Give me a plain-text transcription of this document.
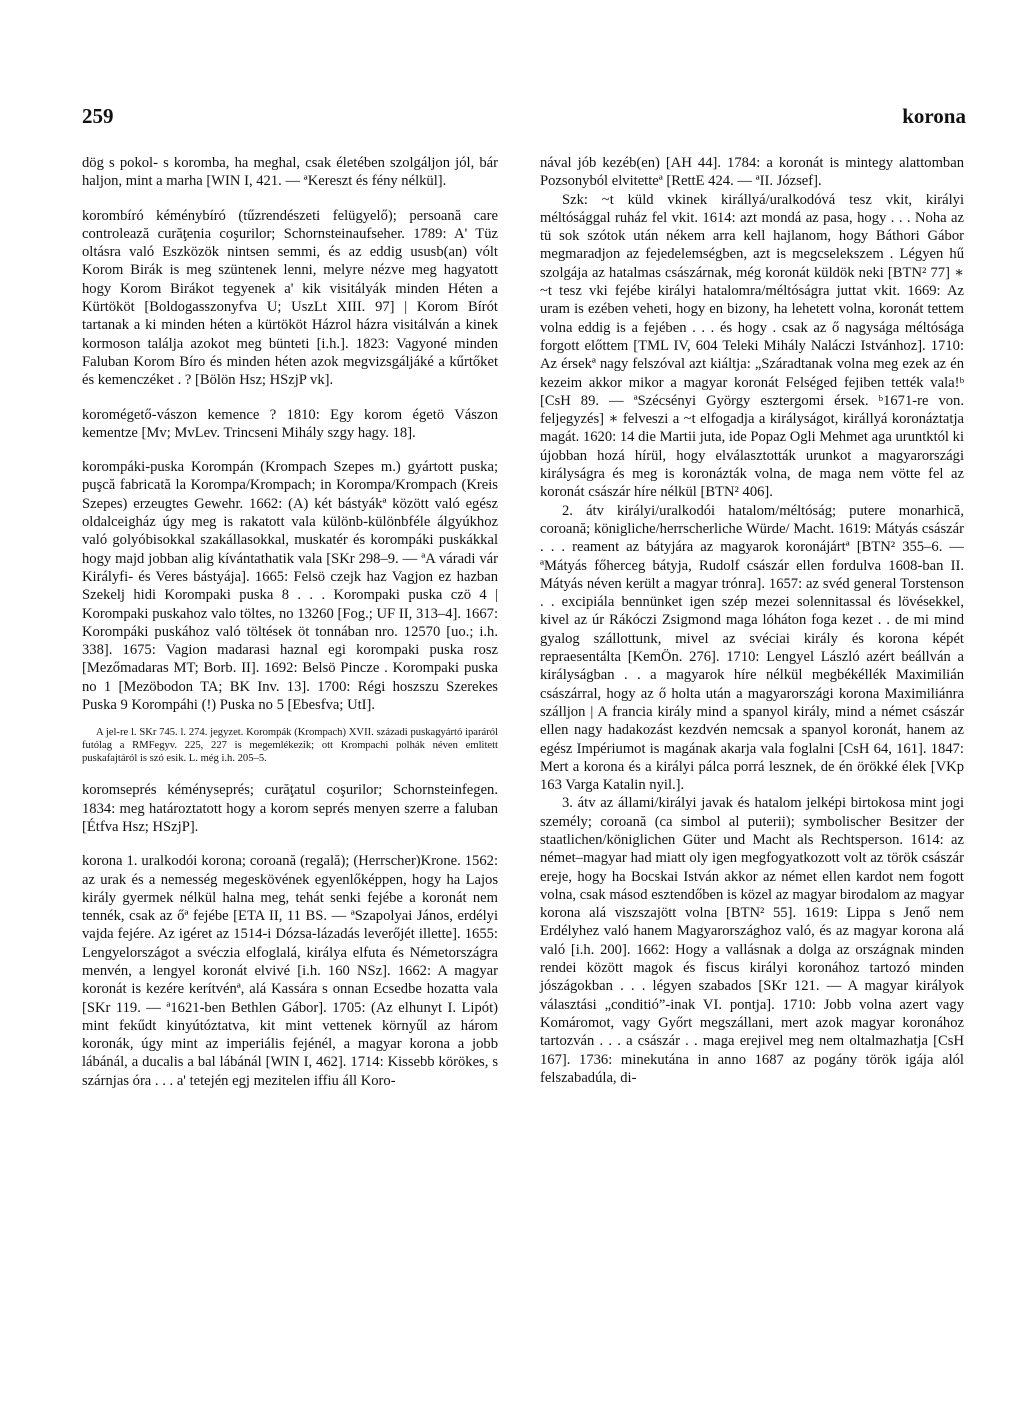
259	korona

dög s pokol- s koromba, ha meghal, csak életében szolgáljon jól, bár haljon, mint a marha [WIN I, 421. — ªKereszt és fény nélkül].

korombíró kéménybíró (tűzrendészeti felügyelő); persoană care controlează curăţenia coşurilor; Schornsteinaufseher. 1789: A' Tüz oltásra való Eszközök nintsen semmi, és az eddig ususb(an) vólt Korom Birák is meg szüntenek lenni, melyre nézve meg hagyatott hogy Korom Birákot tegyenek a' kik visitályák minden Héten a Kürtököt [Boldogasszonyfva U; UszLt XIII. 97] | Korom Bírót tartanak a ki minden héten a kürtököt Házrol házra visitálván a kinek kormoson találja azokot meg bünteti [i.h.]. 1823: Vagyoné minden Faluban Korom Bíro és minden héten azok megvizsgáljáké a kűrtőket és kemenczéket . ? [Bölön Hsz; HSzjP vk].

koromégető-vászon kemence ? 1810: Egy korom égetö Vászon kementze [Mv; MvLev. Trincseni Mihály szgy hagy. 18].

korompáki-puska Korompán (Krompach Szepes m.) gyártott puska; puşcă fabricată la Korompa/Krompach; in Korompa/Krompach (Kreis Szepes) erzeugtes Gewehr. 1662: (A) két bástyákª között való egész oldalceigház úgy meg is rakatott vala különb-különbféle álgyúkhoz való golyóbisokkal szakállasokkal, muskatér és korompáki puskákkal hogy majd jobban alig kívántathatik vala [SKr 298–9. — ªA váradi vár Királyfi- és Veres bástyája]. 1665: Felsö czejk haz Vagjon ez hazban Szekelj hidi Korompaki puska 8 . . . Korompaki puska czö 4 | Korompaki puskahoz valo töltes, no 13260 [Fog.; UF II, 313–4]. 1667: Korompáki puskához való töltések öt tonnában nro. 12570 [uo.; i.h. 338]. 1675: Vagion madarasi haznal egi korompaki puska rosz [Mezőmadaras MT; Borb. II]. 1692: Belsö Pincze . Korompaki puska no 1 [Mezöbodon TA; BK Inv. 13]. 1700: Régi hoszszu Szerekes Puska 9 Korompáhi (!) Puska no 5 [Ebesfva; UtI].

A jel-re l. SKr 745. l. 274. jegyzet. Korompák (Krompach) XVII. századi puskagyártó iparáról futólag a RMFegyv. 225, 227 is megemlékezik; ott Krompachi polhák néven emlitett puskafajtáról is szó esik. L. még i.h. 205–5.

koromseprés kéményseprés; curăţatul coşurilor; Schornsteinfegen. 1834: meg határoztatott hogy a korom seprés menyen szerre a faluban [Étfva Hsz; HSzjP].

korona 1. uralkodói korona; coroană (regală); (Herrscher)Krone. 1562: az urak és a nemesség megeskövének egyenlőképpen, hogy ha Lajos király gyermek nélkül halna meg, tehát senki fejébe a koronát nem tennék, csak az őª fejébe [ETA II, 11 BS. — ªSzapolyai János, erdélyi vajda fejére. Az igéret az 1514-i Dózsa-lázadás leverőjét illette]. 1655: Lengyelországot a svéczia elfoglalá, királya elfuta és Németországra menvén, a lengyel koronát elvivé [i.h. 160 NSz]. 1662: A magyar koronát is kezére kerítvénª, alá Kassára s onnan Ecsedbe hozatta vala [SKr 119. — ª1621-ben Bethlen Gábor]. 1705: (Az elhunyt I. Lipót) mint fekűdt kinyútóztatva, kit mint vettenek környűl az három koronák, úgy mint az imperiális fejénél, a magyar korona a jobb lábánál, a ducalis a bal lábánál [WIN I, 462]. 1714: Kissebb körökes, s szárnjas óra . . . a' tetején egj mezitelen iffiu áll Koro-

nával jób kezéb(en) [AH 44]. 1784: a koronát is mintegy alattomban Pozsonyból elvitetteª [RettE 424. — ªII. József].

Szk: ~t küld vkinek királlyá/uralkodóvá tesz vkit, királyi méltósággal ruház fel vkit. 1614: azt mondá az pasa, hogy . . . Noha az tü sok szótok után nékem arra kell hajlanom, hogy Báthori Gábor megmaradjon az fejedelemségben, azt is megcselekszem . Légyen hű szolgája az hatalmas császárnak, még koronát küldök neki [BTN² 77] ∗ ~t tesz vki fejébe királyi hatalomra/méltóságra juttat vkit. 1669: Az uram is ezében veheti, hogy en bizony, ha lehetett volna, koronát tettem volna eddig is a fejében . . . és hogy . csak az ő nagysága méltósága forgott előttem [TML IV, 604 Teleki Mihály Naláczi Istvánhoz]. 1710: Az érsekª nagy felszóval azt kiáltja: „Száradtanak volna meg ezek az én kezeim akkor mikor a magyar koronát Felséged fejiben tették vala!ᵇ [CsH 89. — ªSzécsényi György esztergomi érsek. ᵇ1671-re von. feljegyzés] ∗ felveszi a ~t elfogadja a királyságot, királlyá koronáztatja magát. 1620: 14 die Martii juta, ide Popaz Ogli Mehmet aga uruntktól ki újobban hozá hírül, hogy elválasztották urunkot a magyarországi királyságra és meg is koronázták volna, de maga nem vötte fel az koronát császár híre nélkül [BTN² 406].

2. átv királyi/uralkodói hatalom/méltóság; putere monarhică, coroană; königliche/herrscherliche Würde/ Macht. 1619: Mátyás császár . . . reament az bátyjára az magyarok koronájártª [BTN² 355–6. — ªMátyás főherceg bátyja, Rudolf császár ellen fordulva 1608-ban II. Mátyás néven került a magyar trónra]. 1657: az svéd general Torstenson . . excipiála bennünket igen szép mezei solennitassal és lövésekkel, kivel az úr Rákóczi Zsigmond maga lóháton foga kezet . . de mi mind gyalog szállottunk, mivel az svéciai király és korona képét repraesentálta [KemÖn. 276]. 1710: Lengyel László azért beállván a királyságban . . a magyarok híre nélkül megbékéllék Maximilián császárral, hogy az ő holta után a magyarországi korona Maximiliánra szálljon | A francia király mind a spanyol király, mind a német császár ellen nagy hadakozást kezdvén nemcsak a spanyol koronát, hanem az egész Impériumot is magának akarja vala foglalni [CsH 64, 161]. 1847: Mert a korona és a királyi pálca porrá lesznek, de én örökké élek [VKp 163 Varga Katalin nyil.].

3. átv az állami/királyi javak és hatalom jelképi birtokosa mint jogi személy; coroană (ca simbol al puterii); symbolischer Besitzer der staatlichen/königlichen Güter und Macht als Rechtsperson. 1614: az német–magyar had miatt oly igen megfogyatkozott volt az török császár ereje, hogy ha Bocskai István akkor az német ellen kardot nem fogott volna, csak másod esztendőben is közel az magyar birodalom az magyar korona alá viszszajött volna [BTN² 55]. 1619: Lippa s Jenő nem Erdélyhez való hanem Magyarországhoz való, és az magyar korona alá való [i.h. 200]. 1662: Hogy a vallásnak a dolga az országnak minden rendei között magok és fiscus királyi koronához tartozó minden jószágokban . . . légyen szabados [SKr 121. — A magyar királyok választási „conditió”-inak VI. pontja]. 1710: Jobb volna azert vagy Komáromot, vagy Győrt megszállani, mert azok magyar koronához tartozván . . . a császár . . maga erejivel meg nem oltalmazhatja [CsH 167]. 1736: minekutána in anno 1687 az pogány török igája alól felszabadúla, di-
